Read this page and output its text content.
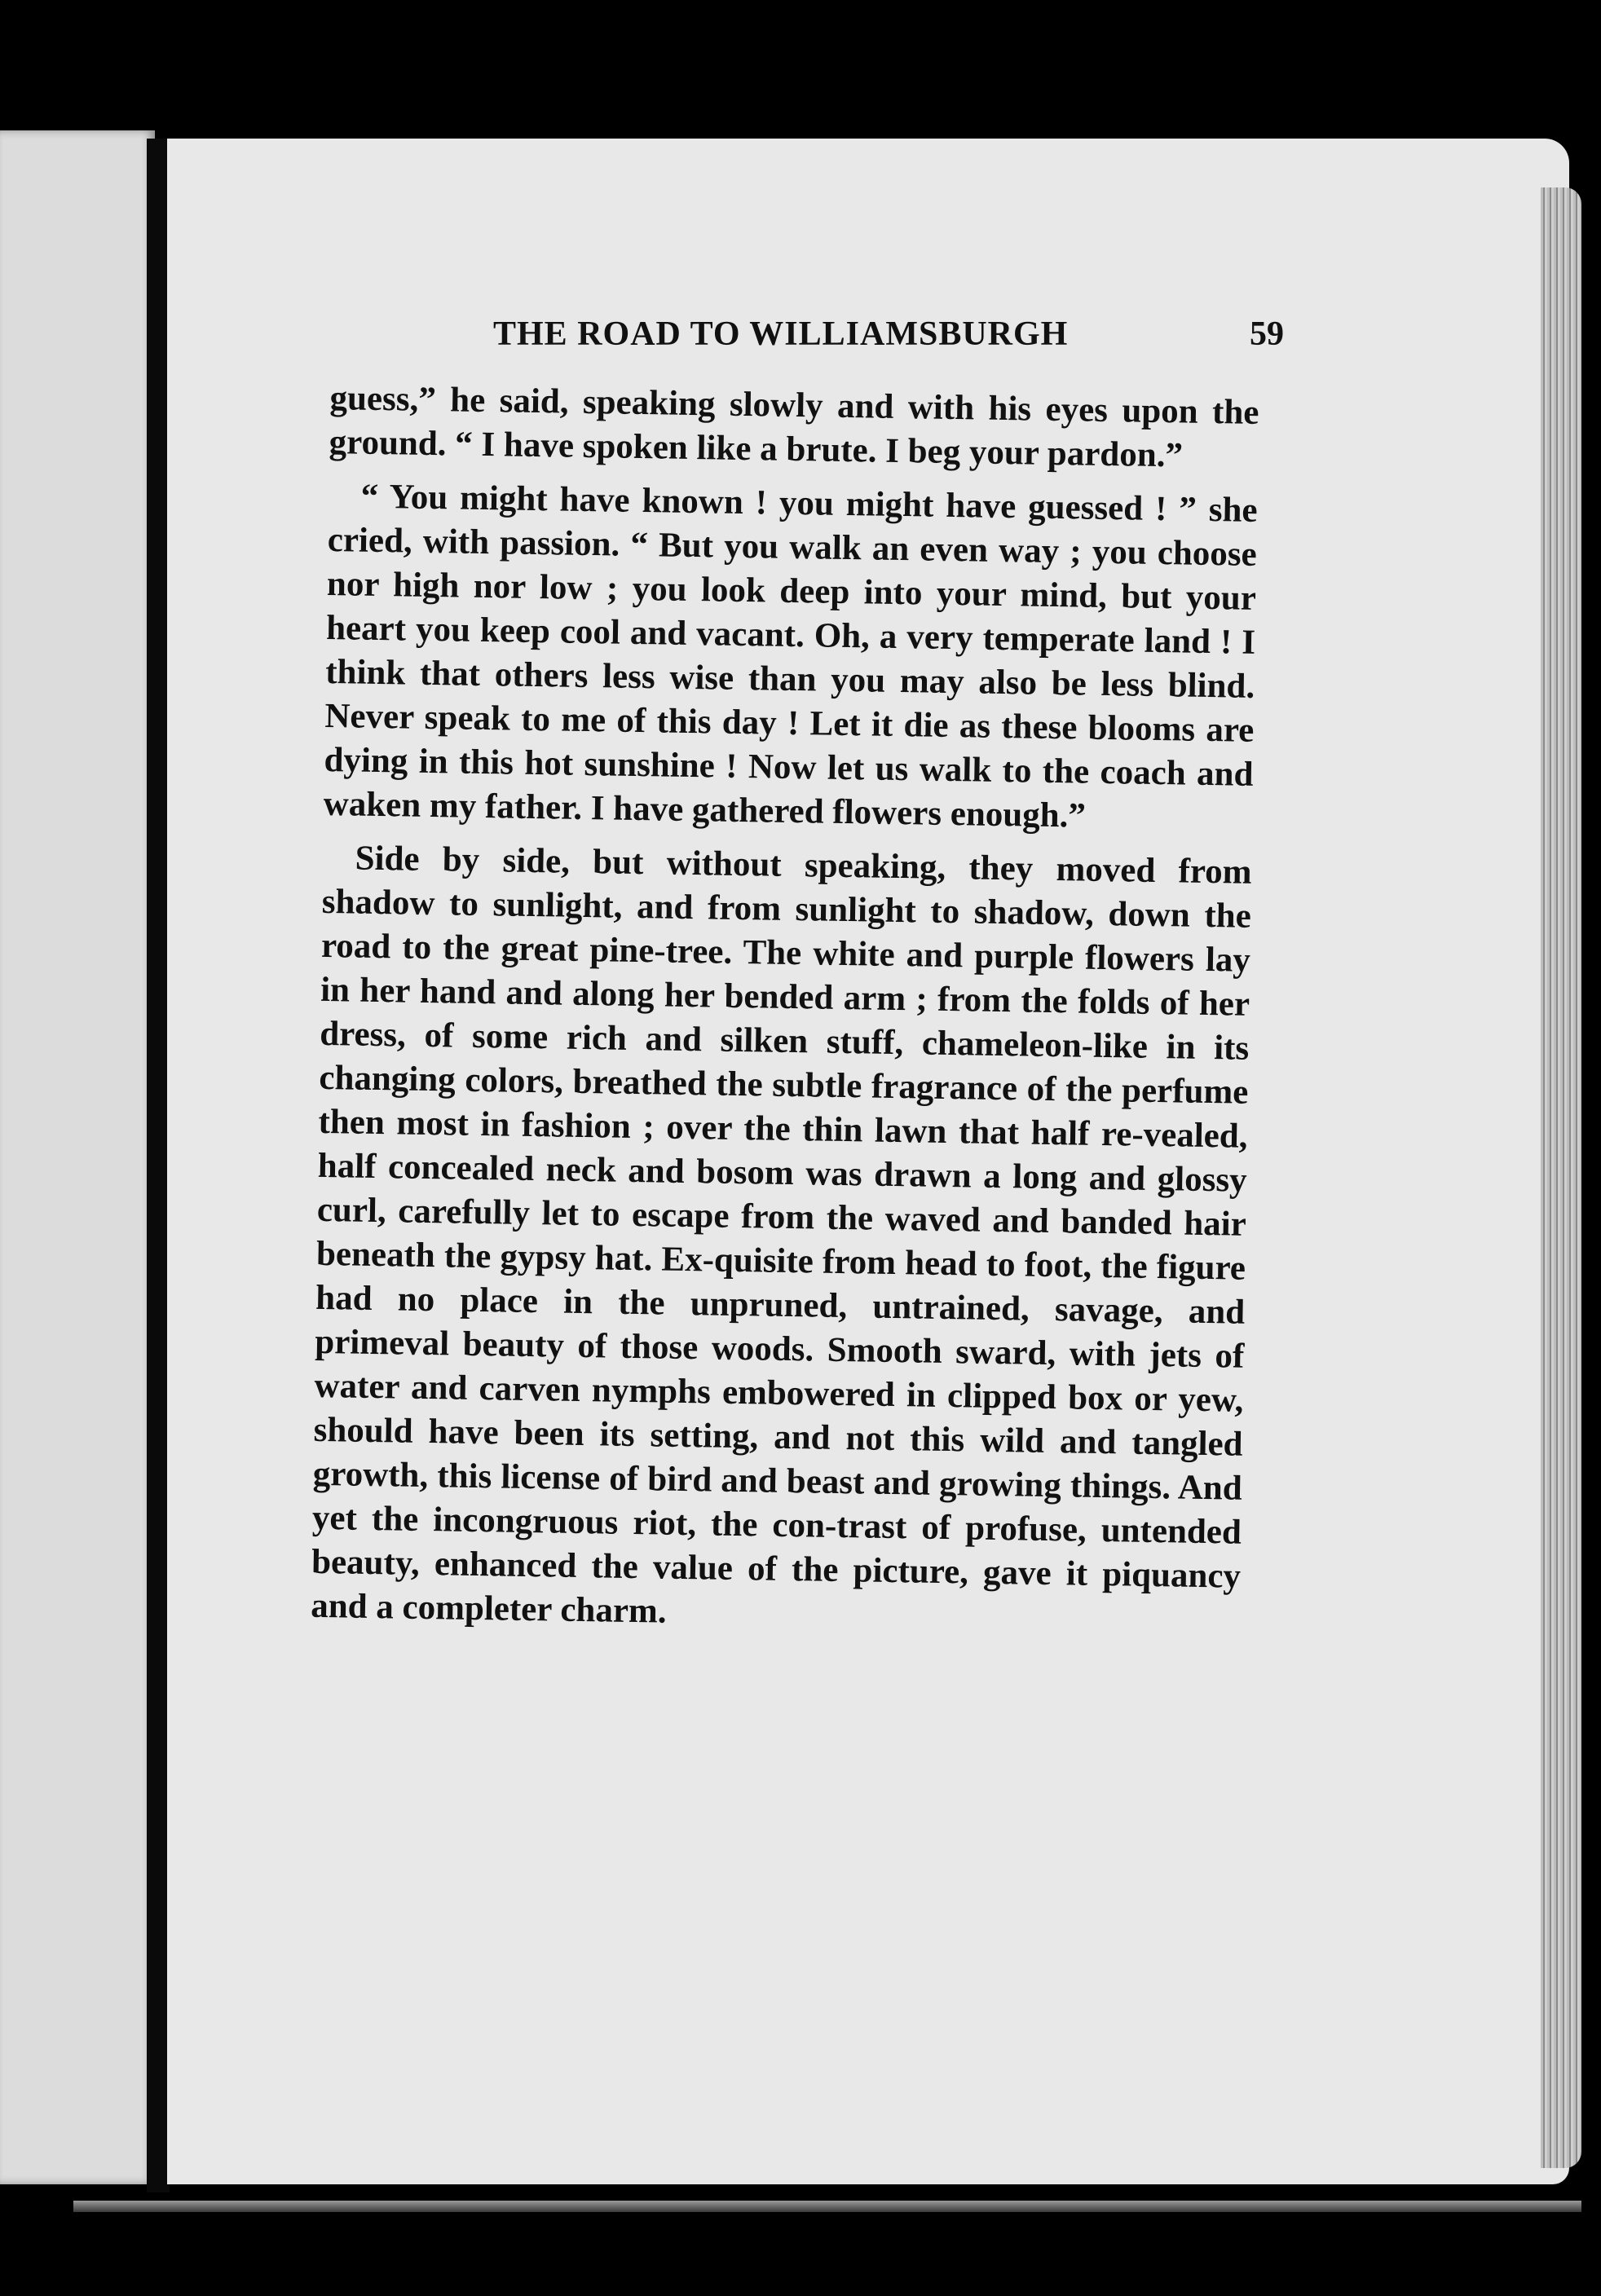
THE ROAD TO WILLIAMSBURGH	59

guess,” he said, speaking slowly and with his eyes upon the ground. “ I have spoken like a brute. I beg your pardon.”

“ You might have known ! you might have guessed ! ” she cried, with passion. “ But you walk an even way ; you choose nor high nor low ; you look deep into your mind, but your heart you keep cool and vacant. Oh, a very temperate land ! I think that others less wise than you may also be less blind. Never speak to me of this day ! Let it die as these blooms are dying in this hot sunshine ! Now let us walk to the coach and waken my father. I have gathered flowers enough.”

Side by side, but without speaking, they moved from shadow to sunlight, and from sunlight to shadow, down the road to the great pine-tree. The white and purple flowers lay in her hand and along her bended arm ; from the folds of her dress, of some rich and silken stuff, chameleon-like in its changing colors, breathed the subtle fragrance of the perfume then most in fashion ; over the thin lawn that half re-vealed, half concealed neck and bosom was drawn a long and glossy curl, carefully let to escape from the waved and banded hair beneath the gypsy hat. Ex-quisite from head to foot, the figure had no place in the unpruned, untrained, savage, and primeval beauty of those woods. Smooth sward, with jets of water and carven nymphs embowered in clipped box or yew, should have been its setting, and not this wild and tangled growth, this license of bird and beast and growing things. And yet the incongruous riot, the con-trast of profuse, untended beauty, enhanced the value of the picture, gave it piquancy and a completer charm.
